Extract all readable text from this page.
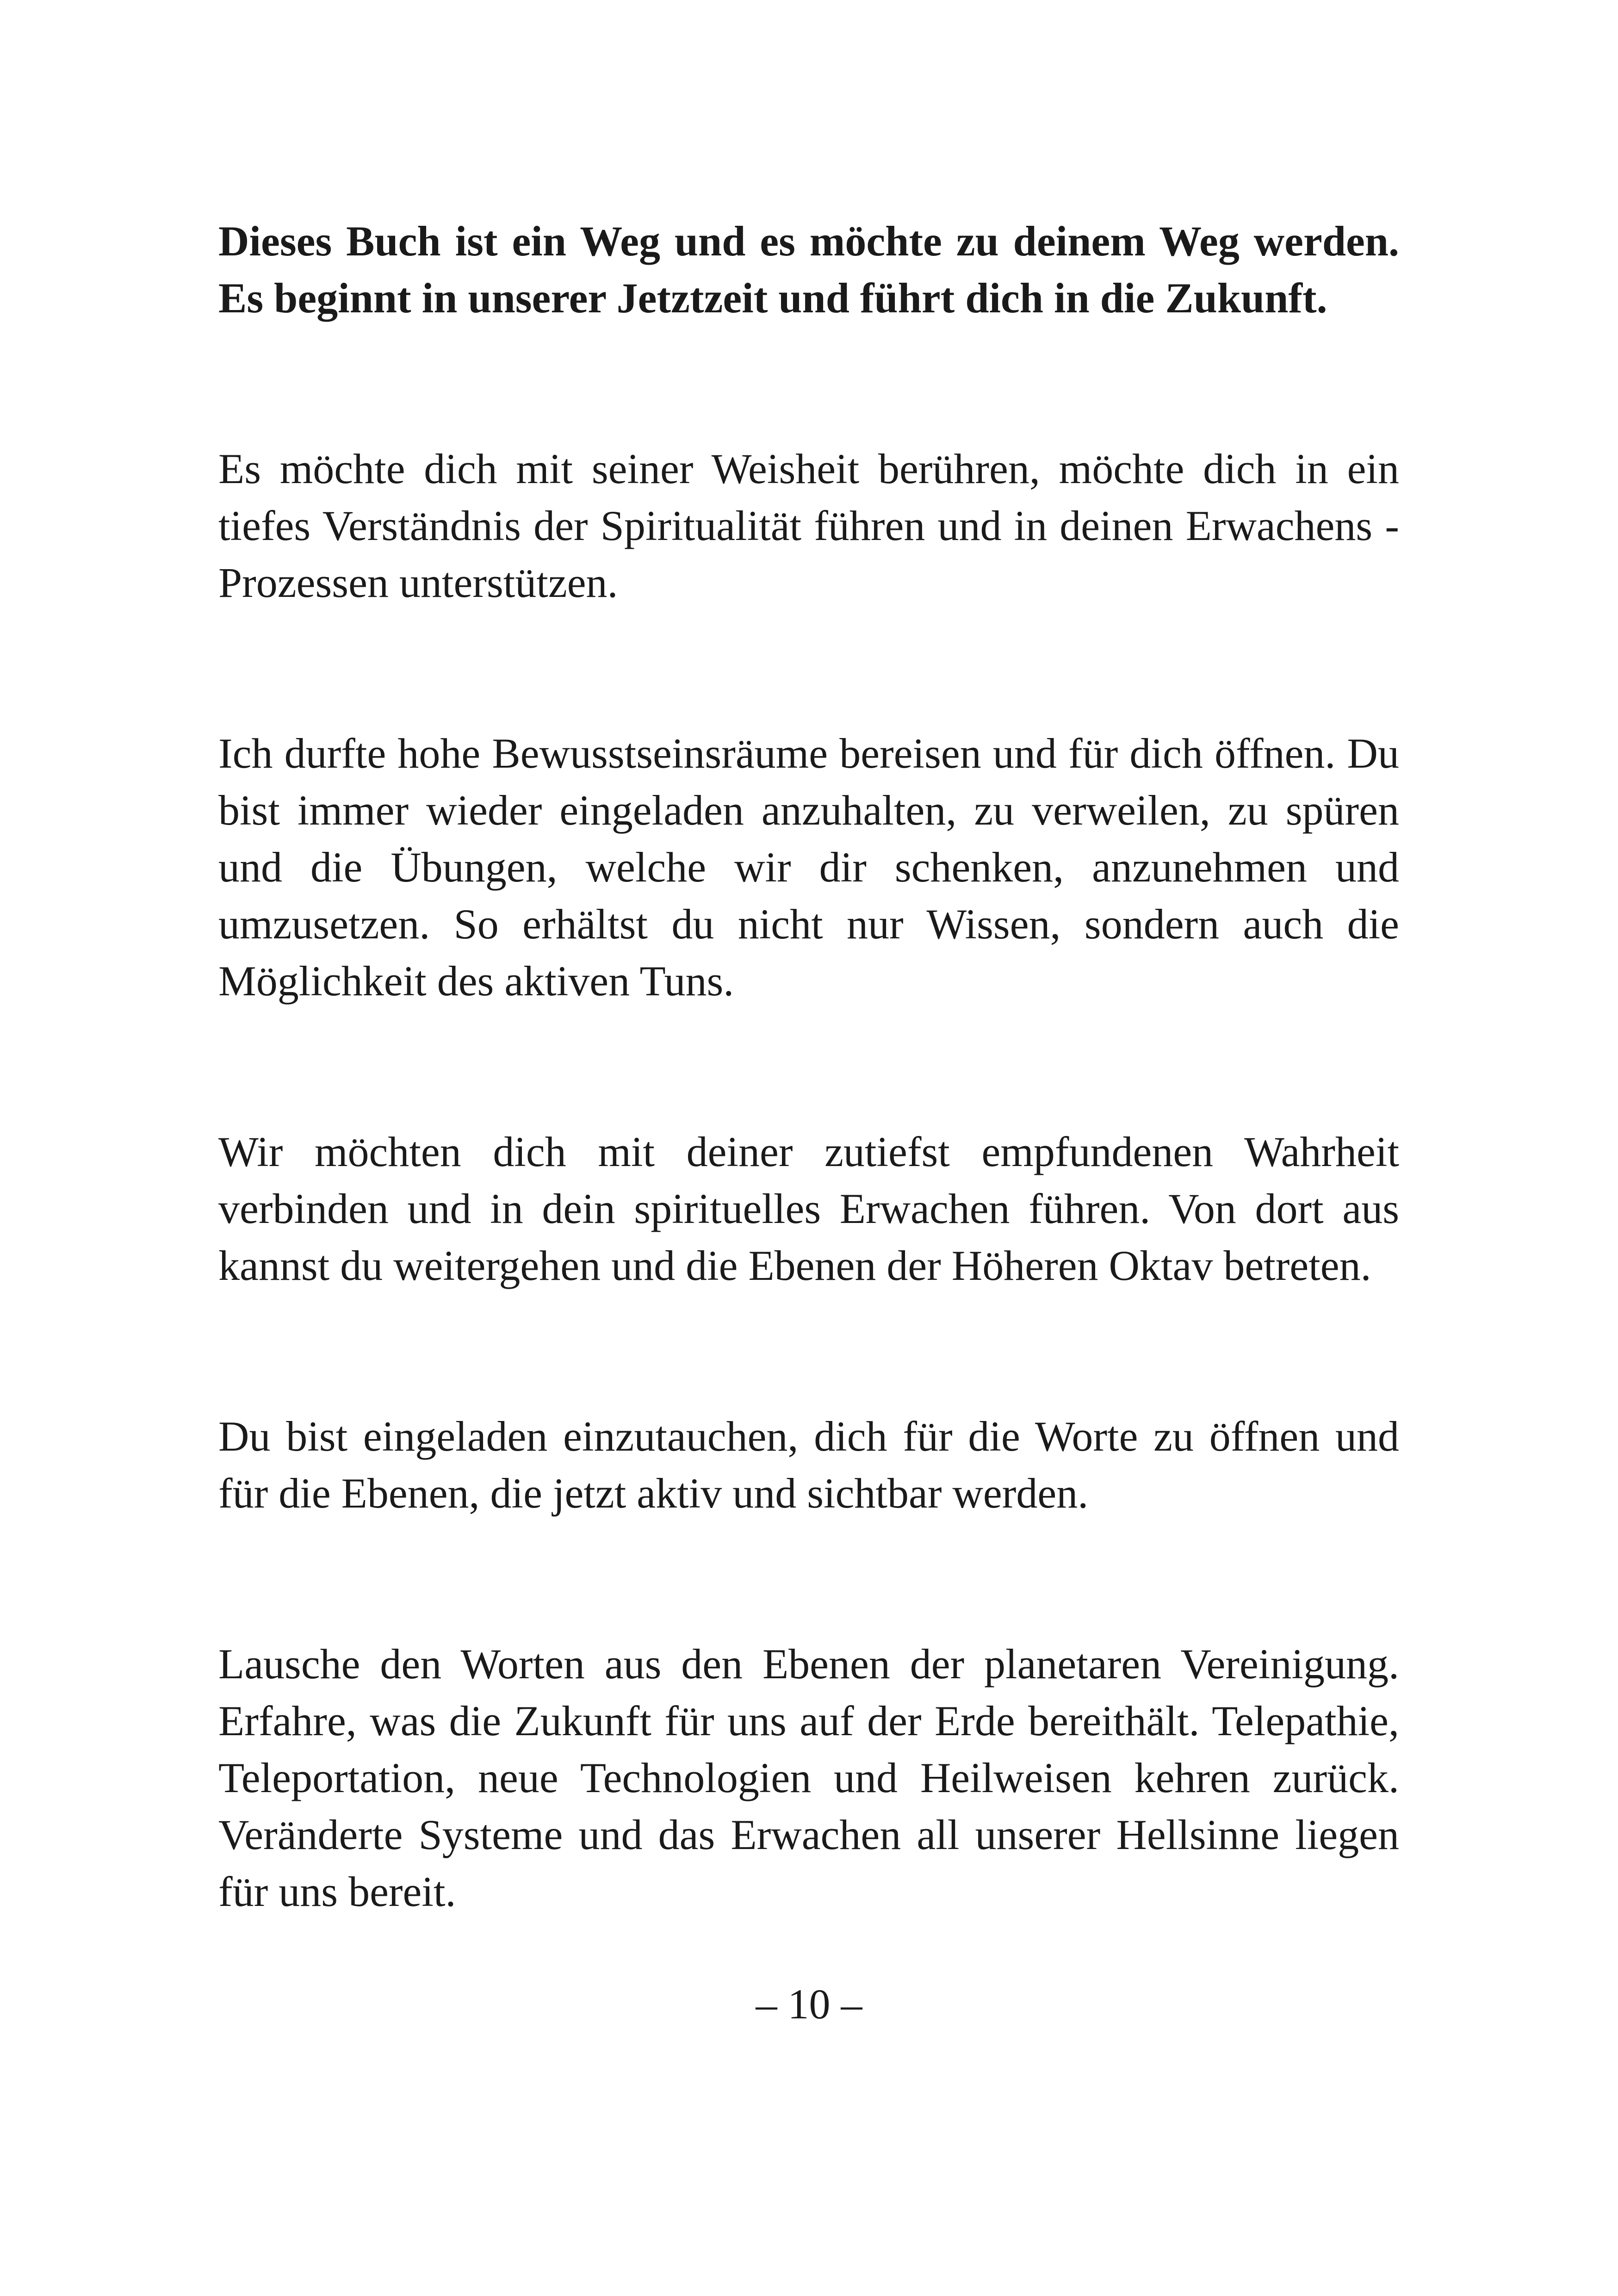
Dieses Buch ist ein Weg und es möchte zu deinem Weg werden. Es beginnt in unserer Jetztzeit und führt dich in die Zukunft.

Es möchte dich mit seiner Weisheit berühren, möchte dich in ein tiefes Verständnis der Spiritualität führen und in deinen Erwachens - Prozessen unterstützen.

Ich durfte hohe Bewusstseinsräume bereisen und für dich öffnen. Du bist immer wieder eingeladen anzuhalten, zu verweilen, zu spüren und die Übungen, welche wir dir schenken, anzunehmen und umzusetzen. So erhältst du nicht nur Wissen, sondern auch die Möglichkeit des aktiven Tuns.

Wir möchten dich mit deiner zutiefst empfundenen Wahrheit verbinden und in dein spirituelles Erwachen führen. Von dort aus kannst du weitergehen und die Ebenen der Höheren Oktav betreten.

Du bist eingeladen einzutauchen, dich für die Worte zu öffnen und für die Ebenen, die jetzt aktiv und sichtbar werden.

Lausche den Worten aus den Ebenen der planetaren Vereinigung. Erfahre, was die Zukunft für uns auf der Erde bereithält. Telepathie, Teleportation, neue Technologien und Heilweisen kehren zurück. Veränderte Systeme und das Erwachen all unserer Hellsinne liegen für uns bereit.

– 10 –
